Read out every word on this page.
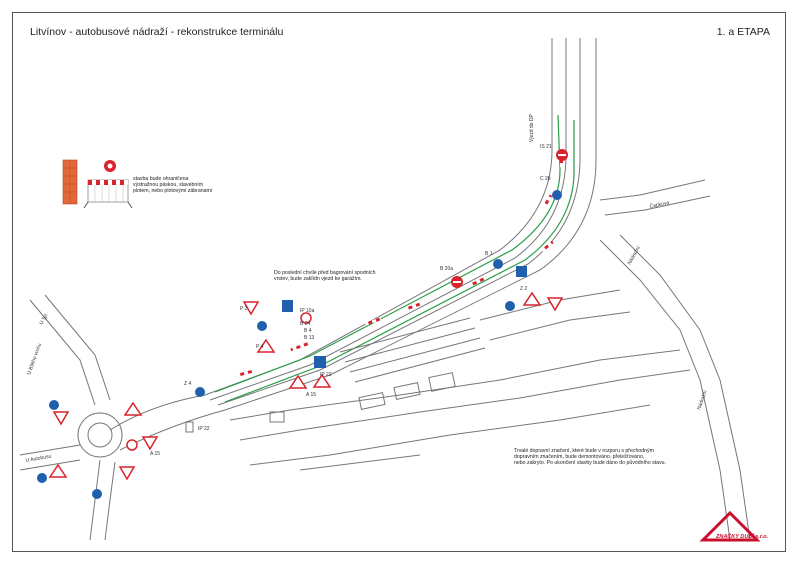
Litvínov - autobusové nádraží - rekonstrukce terminálu	1. a ETAPA
Vjezd do DP
Čapkova
Nádražní
Nádražní
U Tyl
U Bílého vrchu
U Autobusu
B 24
IP 10a
IP 22
P 4
A 15
C 2b
B 20a
B 1
B 4
B 13
IP 22
Z 4
P 2
A 15
IS 21
Z 2
stavba bude ohraničena
výstražnou páskou, stavebním
plotem, nebo plotovými zábranami
Do poslední chvíle před bagrování spodních
vrstev, bude zaklídn vjezd ke garážím.
Trvalé dopravní značení, které bude v rozporu s přechodným
dopravním značením, bude demontováno, přelešťováno,
nebo zakryto. Po ukončení stavby bude dáno do původního stavu.
ZNAČKY DUBÍ s.r.o.
